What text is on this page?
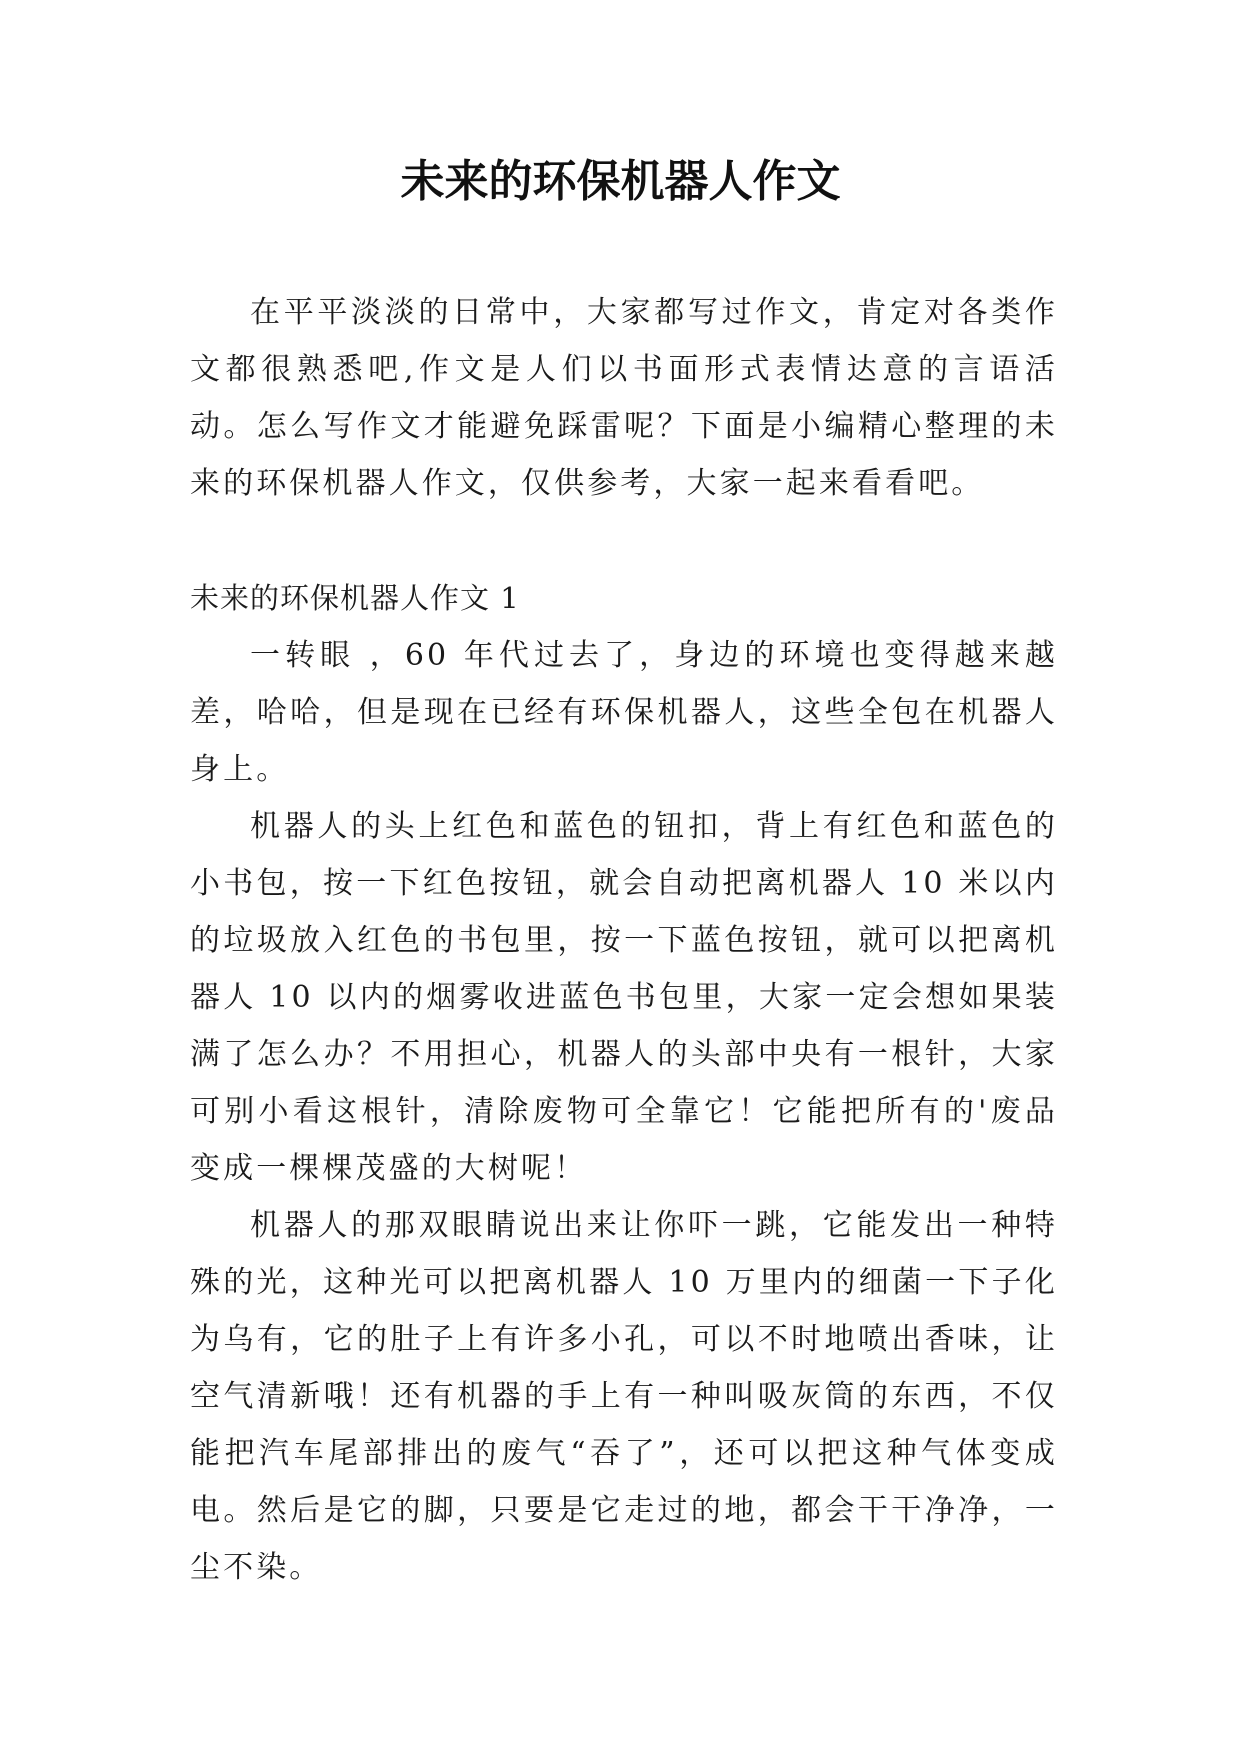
未来的环保机器人作文

在平平淡淡的日常中，大家都写过作文，肯定对各类作文都很熟悉吧,作文是人们以书面形式表情达意的言语活动。怎么写作文才能避免踩雷呢？下面是小编精心整理的未来的环保机器人作文，仅供参考，大家一起来看看吧。

未来的环保机器人作文 1

一转眼 ，60 年代过去了，身边的环境也变得越来越差，哈哈，但是现在已经有环保机器人，这些全包在机器人身上。

机器人的头上红色和蓝色的钮扣，背上有红色和蓝色的小书包，按一下红色按钮，就会自动把离机器人 10 米以内的垃圾放入红色的书包里，按一下蓝色按钮，就可以把离机器人 10 以内的烟雾收进蓝色书包里，大家一定会想如果装满了怎么办？不用担心，机器人的头部中央有一根针，大家可别小看这根针，清除废物可全靠它！它能把所有的'废品变成一棵棵茂盛的大树呢！

机器人的那双眼睛说出来让你吓一跳，它能发出一种特殊的光，这种光可以把离机器人 10 万里内的细菌一下子化为乌有，它的肚子上有许多小孔，可以不时地喷出香味，让空气清新哦！还有机器的手上有一种叫吸灰筒的东西，不仅能把汽车尾部排出的废气“吞了”，还可以把这种气体变成电。然后是它的脚，只要是它走过的地，都会干干净净，一尘不染。
